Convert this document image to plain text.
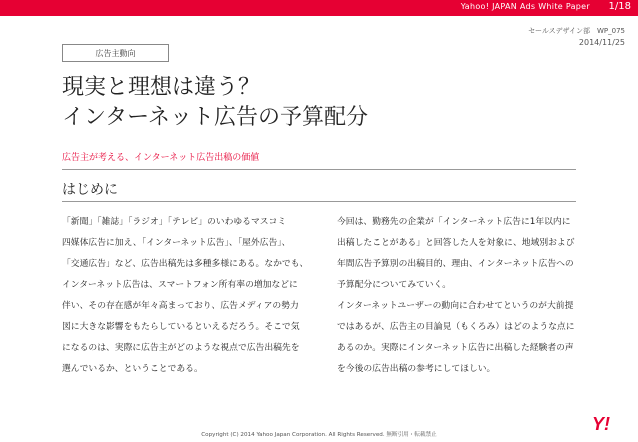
Yahoo! JAPAN Ads White Paper 1/18
セールスデザイン部　WP_075
2014/11/25
広告主動向
現実と理想は違う？
インターネット広告の予算配分
広告主が考える、インターネット広告出稿の価値
はじめに

「新聞」「雑誌」「ラジオ」「テレビ」のいわゆるマスコミ

四媒体広告に加え、「インターネット広告」、「屋外広告」、

「交通広告」など、広告出稿先は多種多様にある。なかでも、

インターネット広告は、スマートフォン所有率の増加などに

伴い、その存在感が年々高まっており、広告メディアの勢力

図に大きな影響をもたらしているといえるだろう。そこで気

になるのは、実際に広告主がどのような視点で広告出稿先を

選んでいるか、ということである。

今回は、勤務先の企業が「インターネット広告に1年以内に

出稿したことがある」と回答した人を対象に、地域別および

年間広告予算別の出稿目的、理由、インターネット広告への

予算配分についてみていく。

インターネットユーザーの動向に合わせてというのが大前提

ではあるが、広告主の目論見（もくろみ）はどのような点に

あるのか。実際にインターネット広告に出稿した経験者の声

を今後の広告出稿の参考にしてほしい。

Copyright (C) 2014 Yahoo Japan Corporation. All Rights Reserved. 無断引用・転載禁止
Y!
